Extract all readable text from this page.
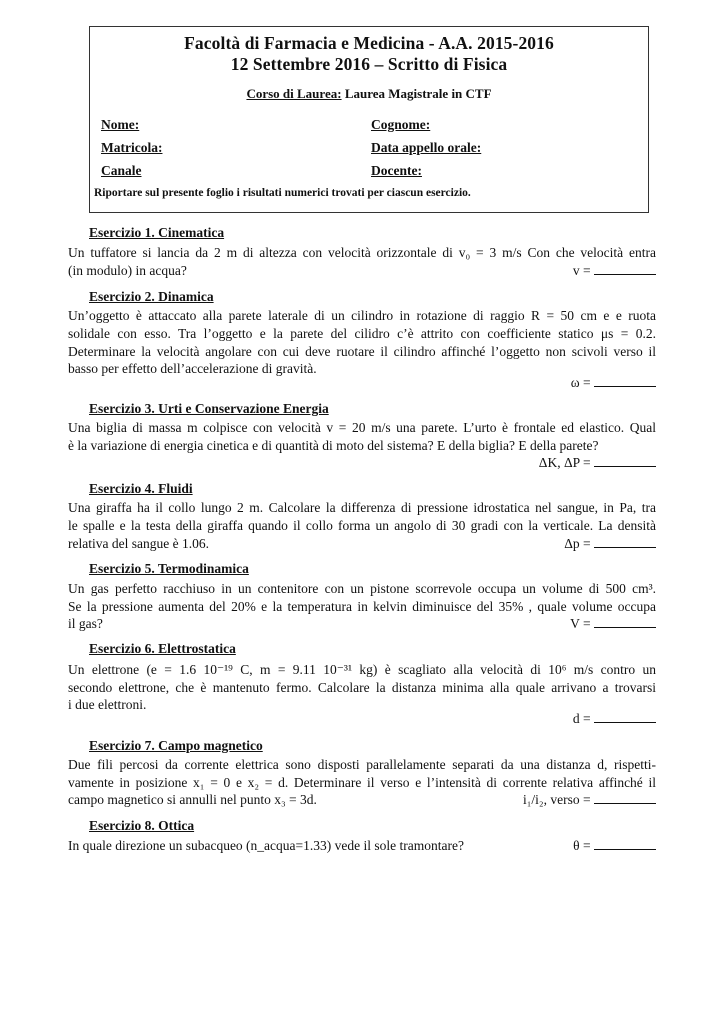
Facoltà di Farmacia e Medicina - A.A. 2015-2016
12 Settembre 2016 – Scritto di Fisica
Corso di Laurea: Laurea Magistrale in CTF
Nome:	Cognome:
Matricola:	Data appello orale:
Canale	Docente:
Riportare sul presente foglio i risultati numerici trovati per ciascun esercizio.
Esercizio 1. Cinematica
Un tuffatore si lancia da 2 m di altezza con velocità orizzontale di v₀ = 3 m/s Con che velocità entra
(in modulo) in acqua?	v =
Esercizio 2. Dinamica
Un’oggetto è attaccato alla parete laterale di un cilindro in rotazione di raggio R = 50 cm e e ruota
solidale con esso. Tra l’oggetto e la parete del cilidro c’è attrito con coefficiente statico μs = 0.2.
Determinare la velocità angolare con cui deve ruotare il cilindro affinché l’oggetto non scivoli verso il
basso per effetto dell’accelerazione di gravità.
ω =
Esercizio 3. Urti e Conservazione Energia
Una biglia di massa m colpisce con velocità v = 20 m/s una parete. L’urto è frontale ed elastico. Qual
è la variazione di energia cinetica e di quantità di moto del sistema? E della biglia? E della parete?
ΔK, ΔP =
Esercizio 4. Fluidi
Una giraffa ha il collo lungo 2 m. Calcolare la differenza di pressione idrostatica nel sangue, in Pa, tra
le spalle e la testa della giraffa quando il collo forma un angolo di 30 gradi con la verticale. La densità
relativa del sangue è 1.06.	Δp =
Esercizio 5. Termodinamica
Un gas perfetto racchiuso in un contenitore con un pistone scorrevole occupa un volume di 500 cm³.
Se la pressione aumenta del 20% e la temperatura in kelvin diminuisce del 35% , quale volume occupa
il gas?	V =
Esercizio 6. Elettrostatica
Un elettrone (e = 1.6 10⁻¹⁹ C, m = 9.11 10⁻³¹ kg) è scagliato alla velocità di 10⁶ m/s contro un
secondo elettrone, che è mantenuto fermo. Calcolare la distanza minima alla quale arrivano a trovarsi
i due elettroni.
d =
Esercizio 7. Campo magnetico
Due fili percosi da corrente elettrica sono disposti parallelamente separati da una distanza d, rispetti-
vamente in posizione x₁ = 0 e x₂ = d. Determinare il verso e l’intensità di corrente relativa affinché il
campo magnetico si annulli nel punto x₃ = 3d.	i₁/i₂, verso =
Esercizio 8. Ottica
In quale direzione un subacqueo (n_acqua=1.33) vede il sole tramontare?	θ =
